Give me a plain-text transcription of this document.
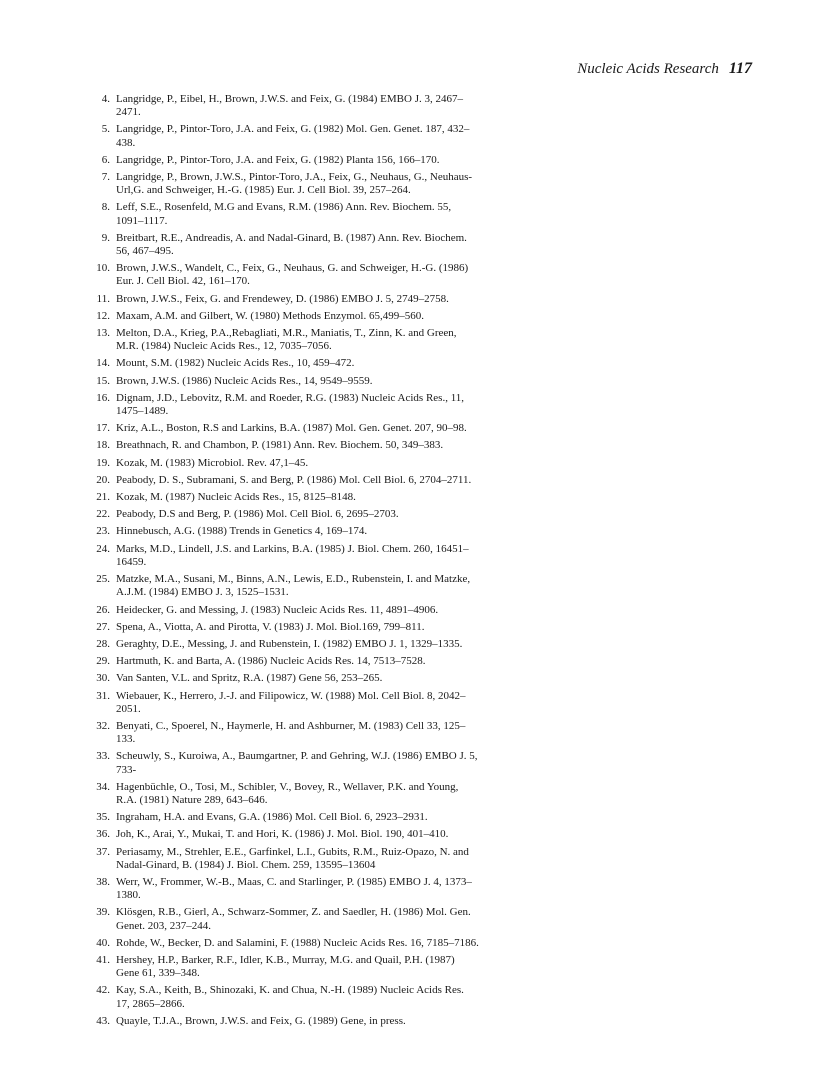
Nucleic Acids Research 117
4. Langridge, P., Eibel, H., Brown, J.W.S. and Feix, G. (1984) EMBO J. 3, 2467–2471.
5. Langridge, P., Pintor-Toro, J.A. and Feix, G. (1982) Mol. Gen. Genet. 187, 432–438.
6. Langridge, P., Pintor-Toro, J.A. and Feix, G. (1982) Planta 156, 166–170.
7. Langridge, P., Brown, J.W.S., Pintor-Toro, J.A., Feix, G., Neuhaus, G., Neuhaus-Url,G. and Schweiger, H.-G. (1985) Eur. J. Cell Biol. 39, 257–264.
8. Leff, S.E., Rosenfeld, M.G and Evans, R.M. (1986) Ann. Rev. Biochem. 55, 1091–1117.
9. Breitbart, R.E., Andreadis, A. and Nadal-Ginard, B. (1987) Ann. Rev. Biochem. 56, 467–495.
10. Brown, J.W.S., Wandelt, C., Feix, G., Neuhaus, G. and Schweiger, H.-G. (1986) Eur. J. Cell Biol. 42, 161–170.
11. Brown, J.W.S., Feix, G. and Frendewey, D. (1986) EMBO J. 5, 2749–2758.
12. Maxam, A.M. and Gilbert, W. (1980) Methods Enzymol. 65,499–560.
13. Melton, D.A., Krieg, P.A.,Rebagliati, M.R., Maniatis, T., Zinn, K. and Green, M.R. (1984) Nucleic Acids Res., 12, 7035–7056.
14. Mount, S.M. (1982) Nucleic Acids Res., 10, 459–472.
15. Brown, J.W.S. (1986) Nucleic Acids Res., 14, 9549–9559.
16. Dignam, J.D., Lebovitz, R.M. and Roeder, R.G. (1983) Nucleic Acids Res., 11, 1475–1489.
17. Kriz, A.L., Boston, R.S and Larkins, B.A. (1987) Mol. Gen. Genet. 207, 90–98.
18. Breathnach, R. and Chambon, P. (1981) Ann. Rev. Biochem. 50, 349–383.
19. Kozak, M. (1983) Microbiol. Rev. 47,1–45.
20. Peabody, D. S., Subramani, S. and Berg, P. (1986) Mol. Cell Biol. 6, 2704–2711.
21. Kozak, M. (1987) Nucleic Acids Res., 15, 8125–8148.
22. Peabody, D.S and Berg, P. (1986) Mol. Cell Biol. 6, 2695–2703.
23. Hinnebusch, A.G. (1988) Trends in Genetics 4, 169–174.
24. Marks, M.D., Lindell, J.S. and Larkins, B.A. (1985) J. Biol. Chem. 260, 16451–16459.
25. Matzke, M.A., Susani, M., Binns, A.N., Lewis, E.D., Rubenstein, I. and Matzke, A.J.M. (1984) EMBO J. 3, 1525–1531.
26. Heidecker, G. and Messing, J. (1983) Nucleic Acids Res. 11, 4891–4906.
27. Spena, A., Viotta, A. and Pirotta, V. (1983) J. Mol. Biol.169, 799–811.
28. Geraghty, D.E., Messing, J. and Rubenstein, I. (1982) EMBO J. 1, 1329–1335.
29. Hartmuth, K. and Barta, A. (1986) Nucleic Acids Res. 14, 7513–7528.
30. Van Santen, V.L. and Spritz, R.A. (1987) Gene 56, 253–265.
31. Wiebauer, K., Herrero, J.-J. and Filipowicz, W. (1988) Mol. Cell Biol. 8, 2042–2051.
32. Benyati, C., Spoerel, N., Haymerle, H. and Ashburner, M. (1983) Cell 33, 125–133.
33. Scheuwly, S., Kuroiwa, A., Baumgartner, P. and Gehring, W.J. (1986) EMBO J. 5, 733-
34. Hagenbüchle, O., Tosi, M., Schibler, V., Bovey, R., Wellaver, P.K. and Young, R.A. (1981) Nature 289, 643–646.
35. Ingraham, H.A. and Evans, G.A. (1986) Mol. Cell Biol. 6, 2923–2931.
36. Joh, K., Arai, Y., Mukai, T. and Hori, K. (1986) J. Mol. Biol. 190, 401–410.
37. Periasamy, M., Strehler, E.E., Garfinkel, L.I., Gubits, R.M., Ruiz-Opazo, N. and Nadal-Ginard, B. (1984) J. Biol. Chem. 259, 13595–13604
38. Werr, W., Frommer, W.-B., Maas, C. and Starlinger, P. (1985) EMBO J. 4, 1373–1380.
39. Klösgen, R.B., Gierl, A., Schwarz-Sommer, Z. and Saedler, H. (1986) Mol. Gen. Genet. 203, 237–244.
40. Rohde, W., Becker, D. and Salamini, F. (1988) Nucleic Acids Res. 16, 7185–7186.
41. Hershey, H.P., Barker, R.F., Idler, K.B., Murray, M.G. and Quail, P.H. (1987) Gene 61, 339–348.
42. Kay, S.A., Keith, B., Shinozaki, K. and Chua, N.-H. (1989) Nucleic Acids Res. 17, 2865–2866.
43. Quayle, T.J.A., Brown, J.W.S. and Feix, G. (1989) Gene, in press.
